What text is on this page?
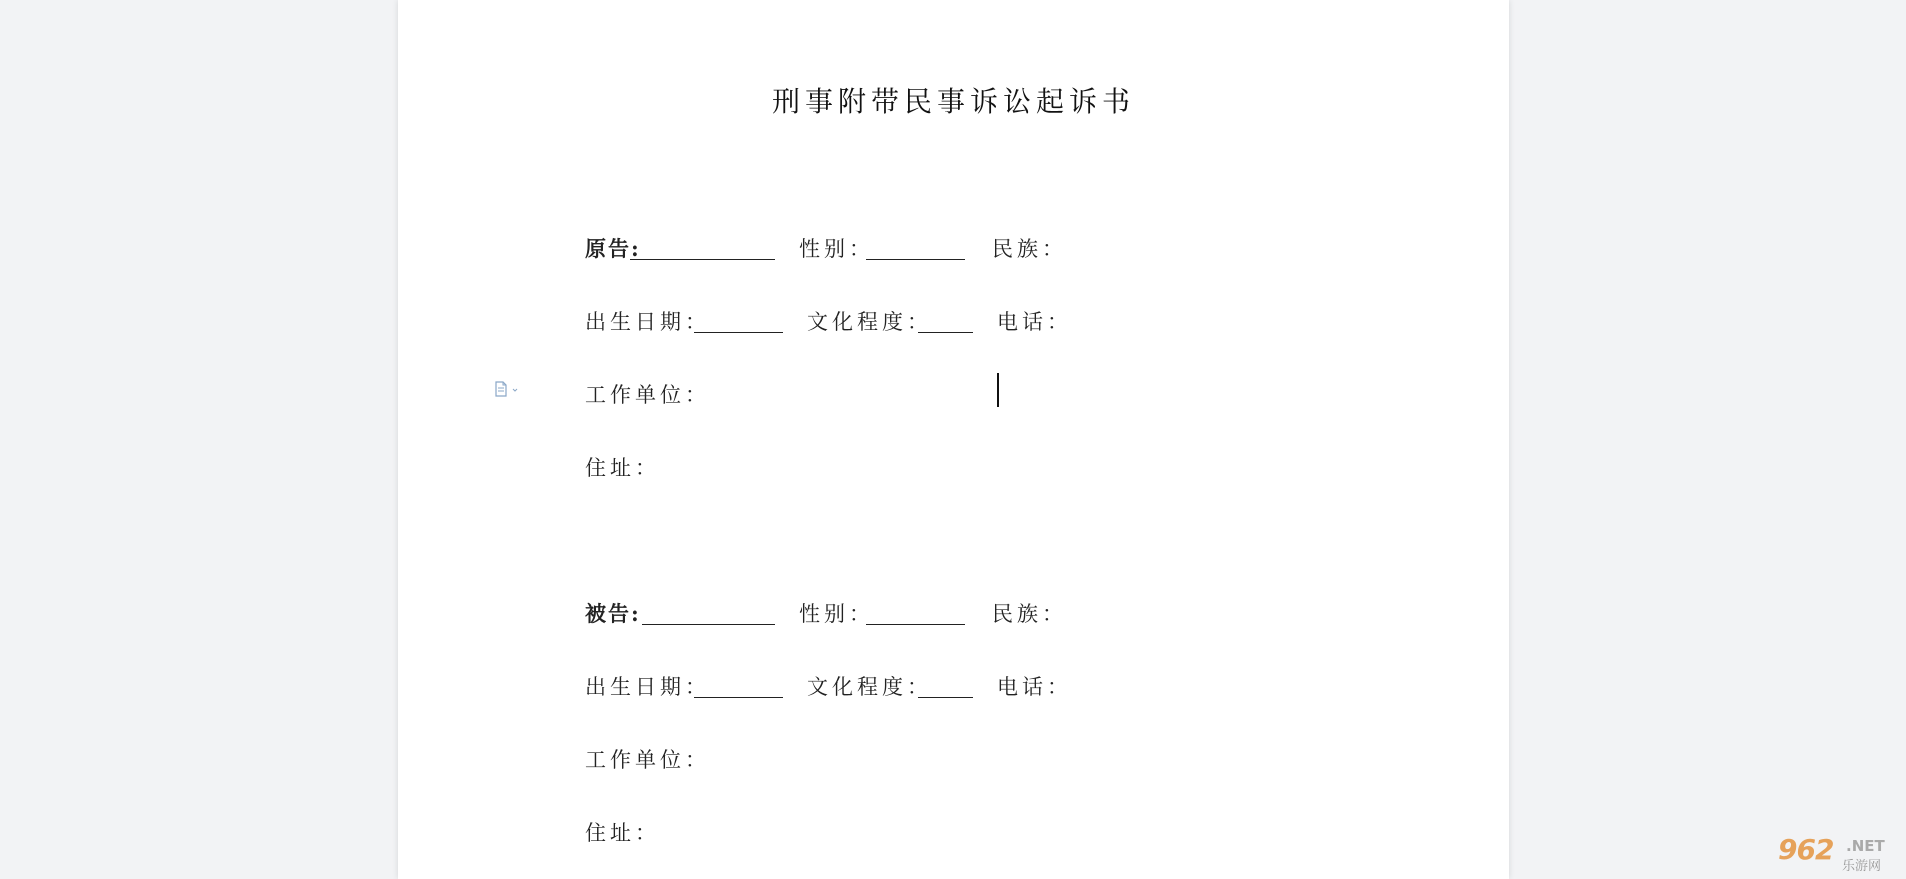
刑事附带民事诉讼起诉书
原告:	性别：	民族：
出生日期：	文化程度：	电话：
工作单位：
住址：
被告:	性别：	民族：
出生日期：	文化程度：	电话：
工作单位：
住址：	962 .NET
乐游网
